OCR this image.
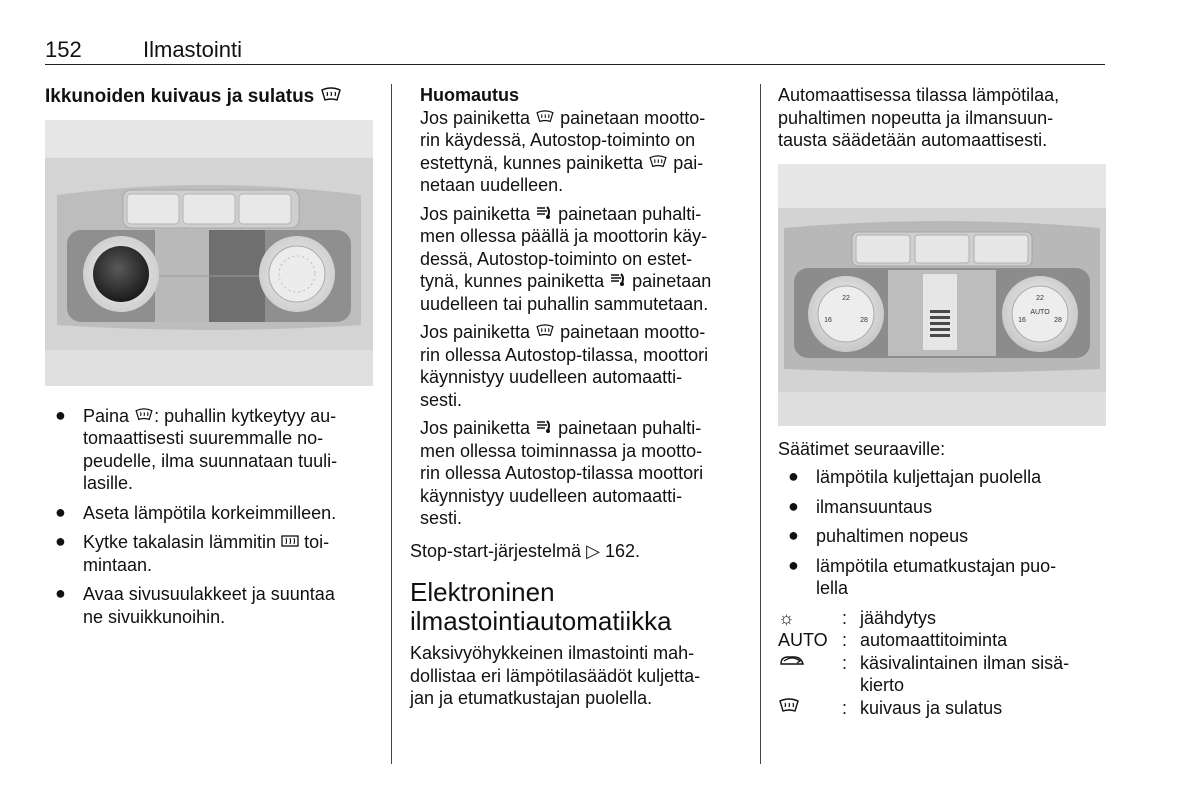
152	Ilmastointi
Ikkunoiden kuivaus ja sulatus
● Paina : puhallin kytkeytyy au-
tomaattisesti suuremmalle no-
peudelle, ilma suunnataan tuuli-
lasille.
● Aseta lämpötila korkeimmilleen.
● Kytke takalasin lämmitin toi-
mintaan.
● Avaa sivusuulakkeet ja suuntaa
ne sivuikkunoihin.
Huomautus

Jos painiketta painetaan mootto-
rin käydessä, Autostop-toiminto on
estettynä, kunnes painiketta pai-
netaan uudelleen.

Jos painiketta painetaan puhalti-
men ollessa päällä ja moottorin käy-
dessä, Autostop-toiminto on estet-
tynä, kunnes painiketta painetaan
uudelleen tai puhallin sammutetaan.

Jos painiketta painetaan mootto-
rin ollessa Autostop-tilassa, moottori
käynnistyy uudelleen automaatti-
sesti.

Jos painiketta painetaan puhalti-
men ollessa toiminnassa ja mootto-
rin ollessa Autostop-tilassa moottori
käynnistyy uudelleen automaatti-
sesti.

Stop-start-järjestelmä ▷ 162.

Elektroninen
ilmastointiautomatiikka

Kaksivyöhykkeinen ilmastointi mah-
dollistaa eri lämpötilasäädöt kuljetta-
jan ja etumatkustajan puolella.

Automaattisessa tilassa lämpötilaa,
puhaltimen nopeutta ja ilmansuun-
tausta säädetään automaattisesti.

22
16	28
22
16	28
AUTO

Säätimet seuraaville:

● lämpötila kuljettajan puolella
● ilmansuuntaus
● puhaltimen nopeus
● lämpötila etumatkustajan puo-
lella
☼	: jäähdytys
AUTO : automaattitoiminta
: käsivalintainen ilman sisä-
kierto
: kuivaus ja sulatus
